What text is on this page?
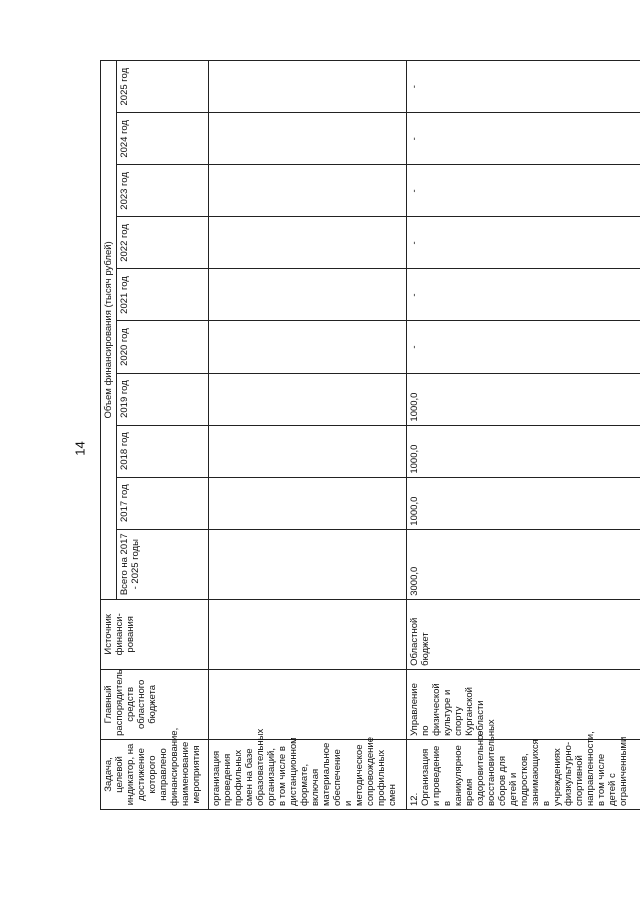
14
Задача, целевой индикатор, на достижение которого направлено финансирование, наименование мероприятия	Главный распорядитель средств областного бюджета	Источник финанси-рования	Объем финансирования (тысяч рублей)									
			Всего на 2017 - 2025 годы	2017 год	2018 год	2019 год	2020 год	2021 год	2022 год	2023 год	2024 год	2025 год
организация проведения профильных смен на базе образовательных организаций, в том числе в дистанционном формате, включая материальное обеспечение и методическое сопровождение профильных смен												
12. Организация и проведение в каникулярное время оздоровительно-восстановительных сборов для детей и подростков, занимающихся в учреждениях физкультурно-спортивной направленности, в том числе детей с ограниченными	Управление по физической культуре и спорту Курганской области	Областной бюджет	3000,0	1000,0	1000,0	1000,0	-	-	-	-	-	-
